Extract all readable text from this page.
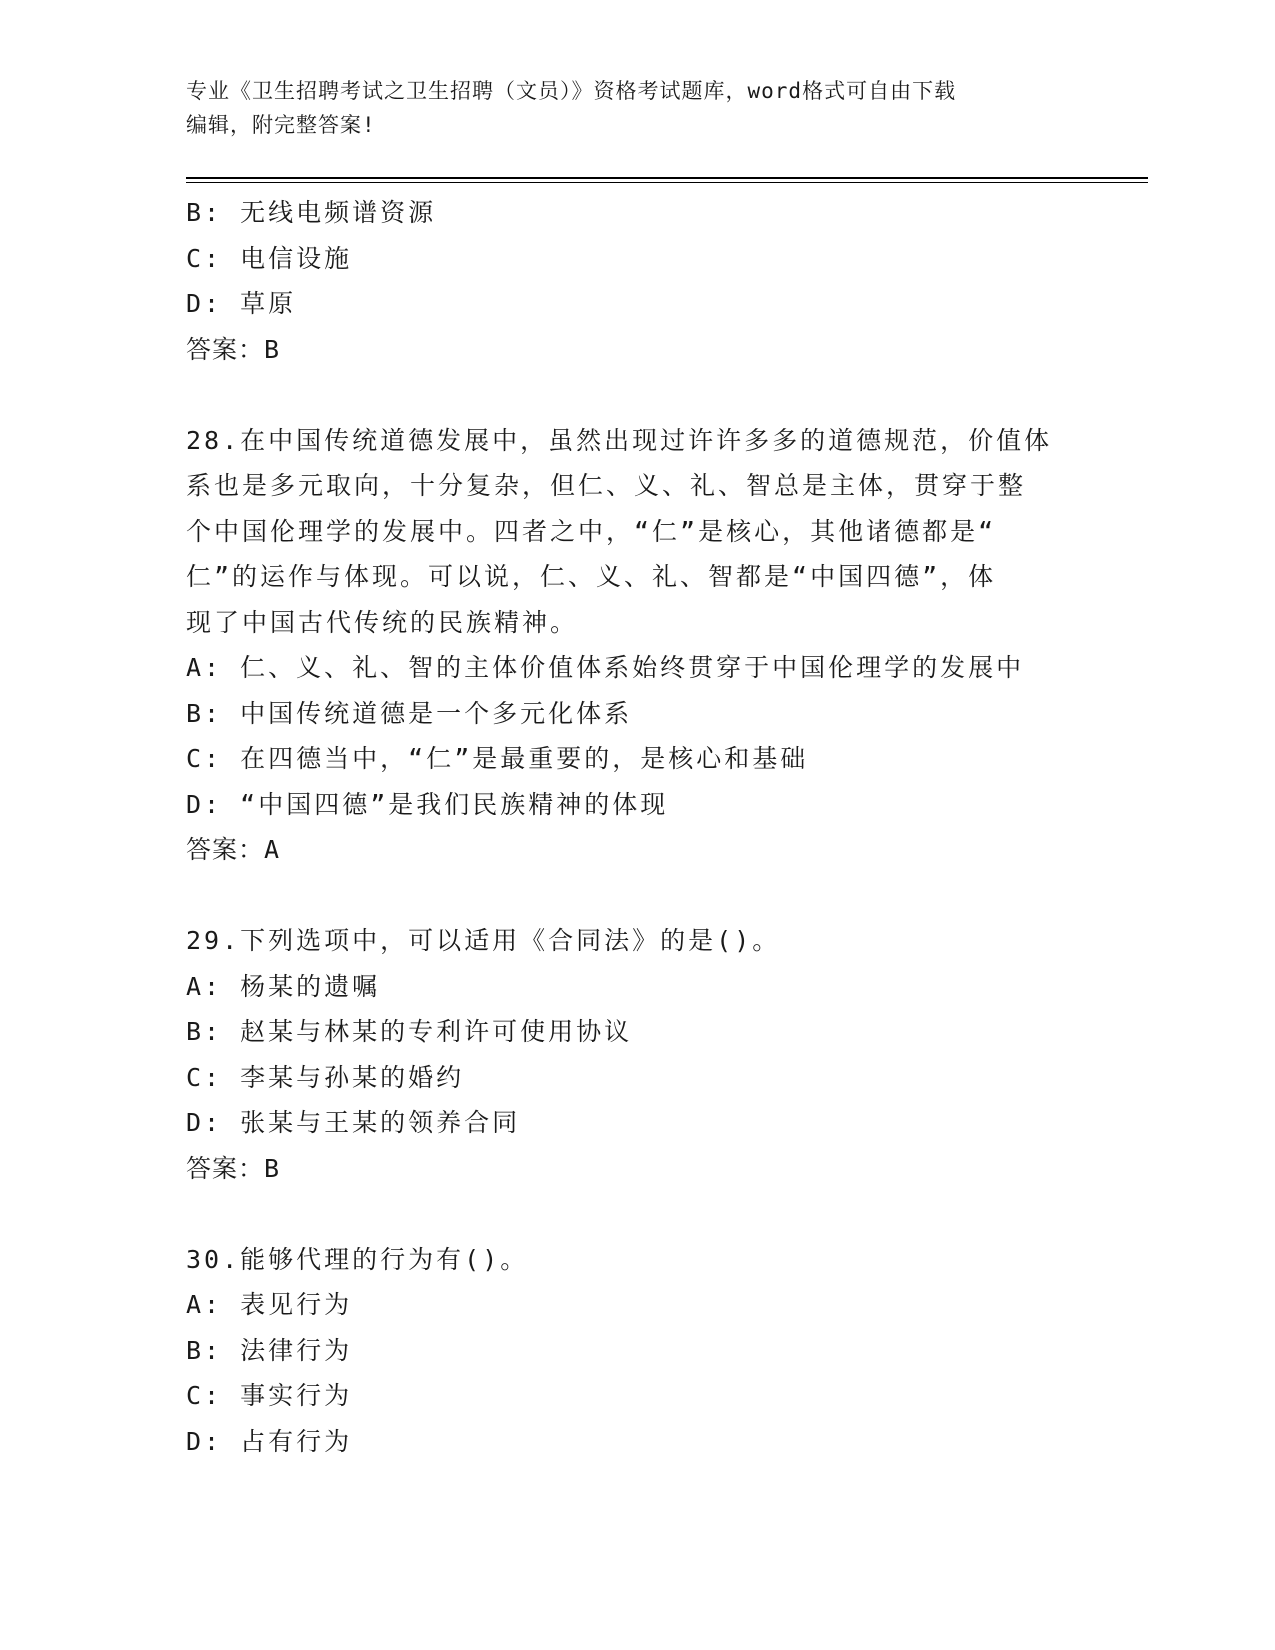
专业《卫生招聘考试之卫生招聘（文员）》资格考试题库，word格式可自由下载
编辑，附完整答案!
B: 无线电频谱资源
C: 电信设施
D: 草原
答案：B
28.在中国传统道德发展中，虽然出现过许许多多的道德规范，价值体
系也是多元取向，十分复杂，但仁、义、礼、智总是主体，贯穿于整
个中国伦理学的发展中。四者之中，“仁”是核心，其他诸德都是“
仁”的运作与体现。可以说，仁、义、礼、智都是“中国四德”，体
现了中国古代传统的民族精神。
A: 仁、义、礼、智的主体价值体系始终贯穿于中国伦理学的发展中
B: 中国传统道德是一个多元化体系
C: 在四德当中，“仁”是最重要的，是核心和基础
D: “中国四德”是我们民族精神的体现
答案：A
29.下列选项中，可以适用《合同法》的是()。
A: 杨某的遗嘱
B: 赵某与林某的专利许可使用协议
C: 李某与孙某的婚约
D: 张某与王某的领养合同
答案：B
30.能够代理的行为有()。
A: 表见行为
B: 法律行为
C: 事实行为
D: 占有行为
